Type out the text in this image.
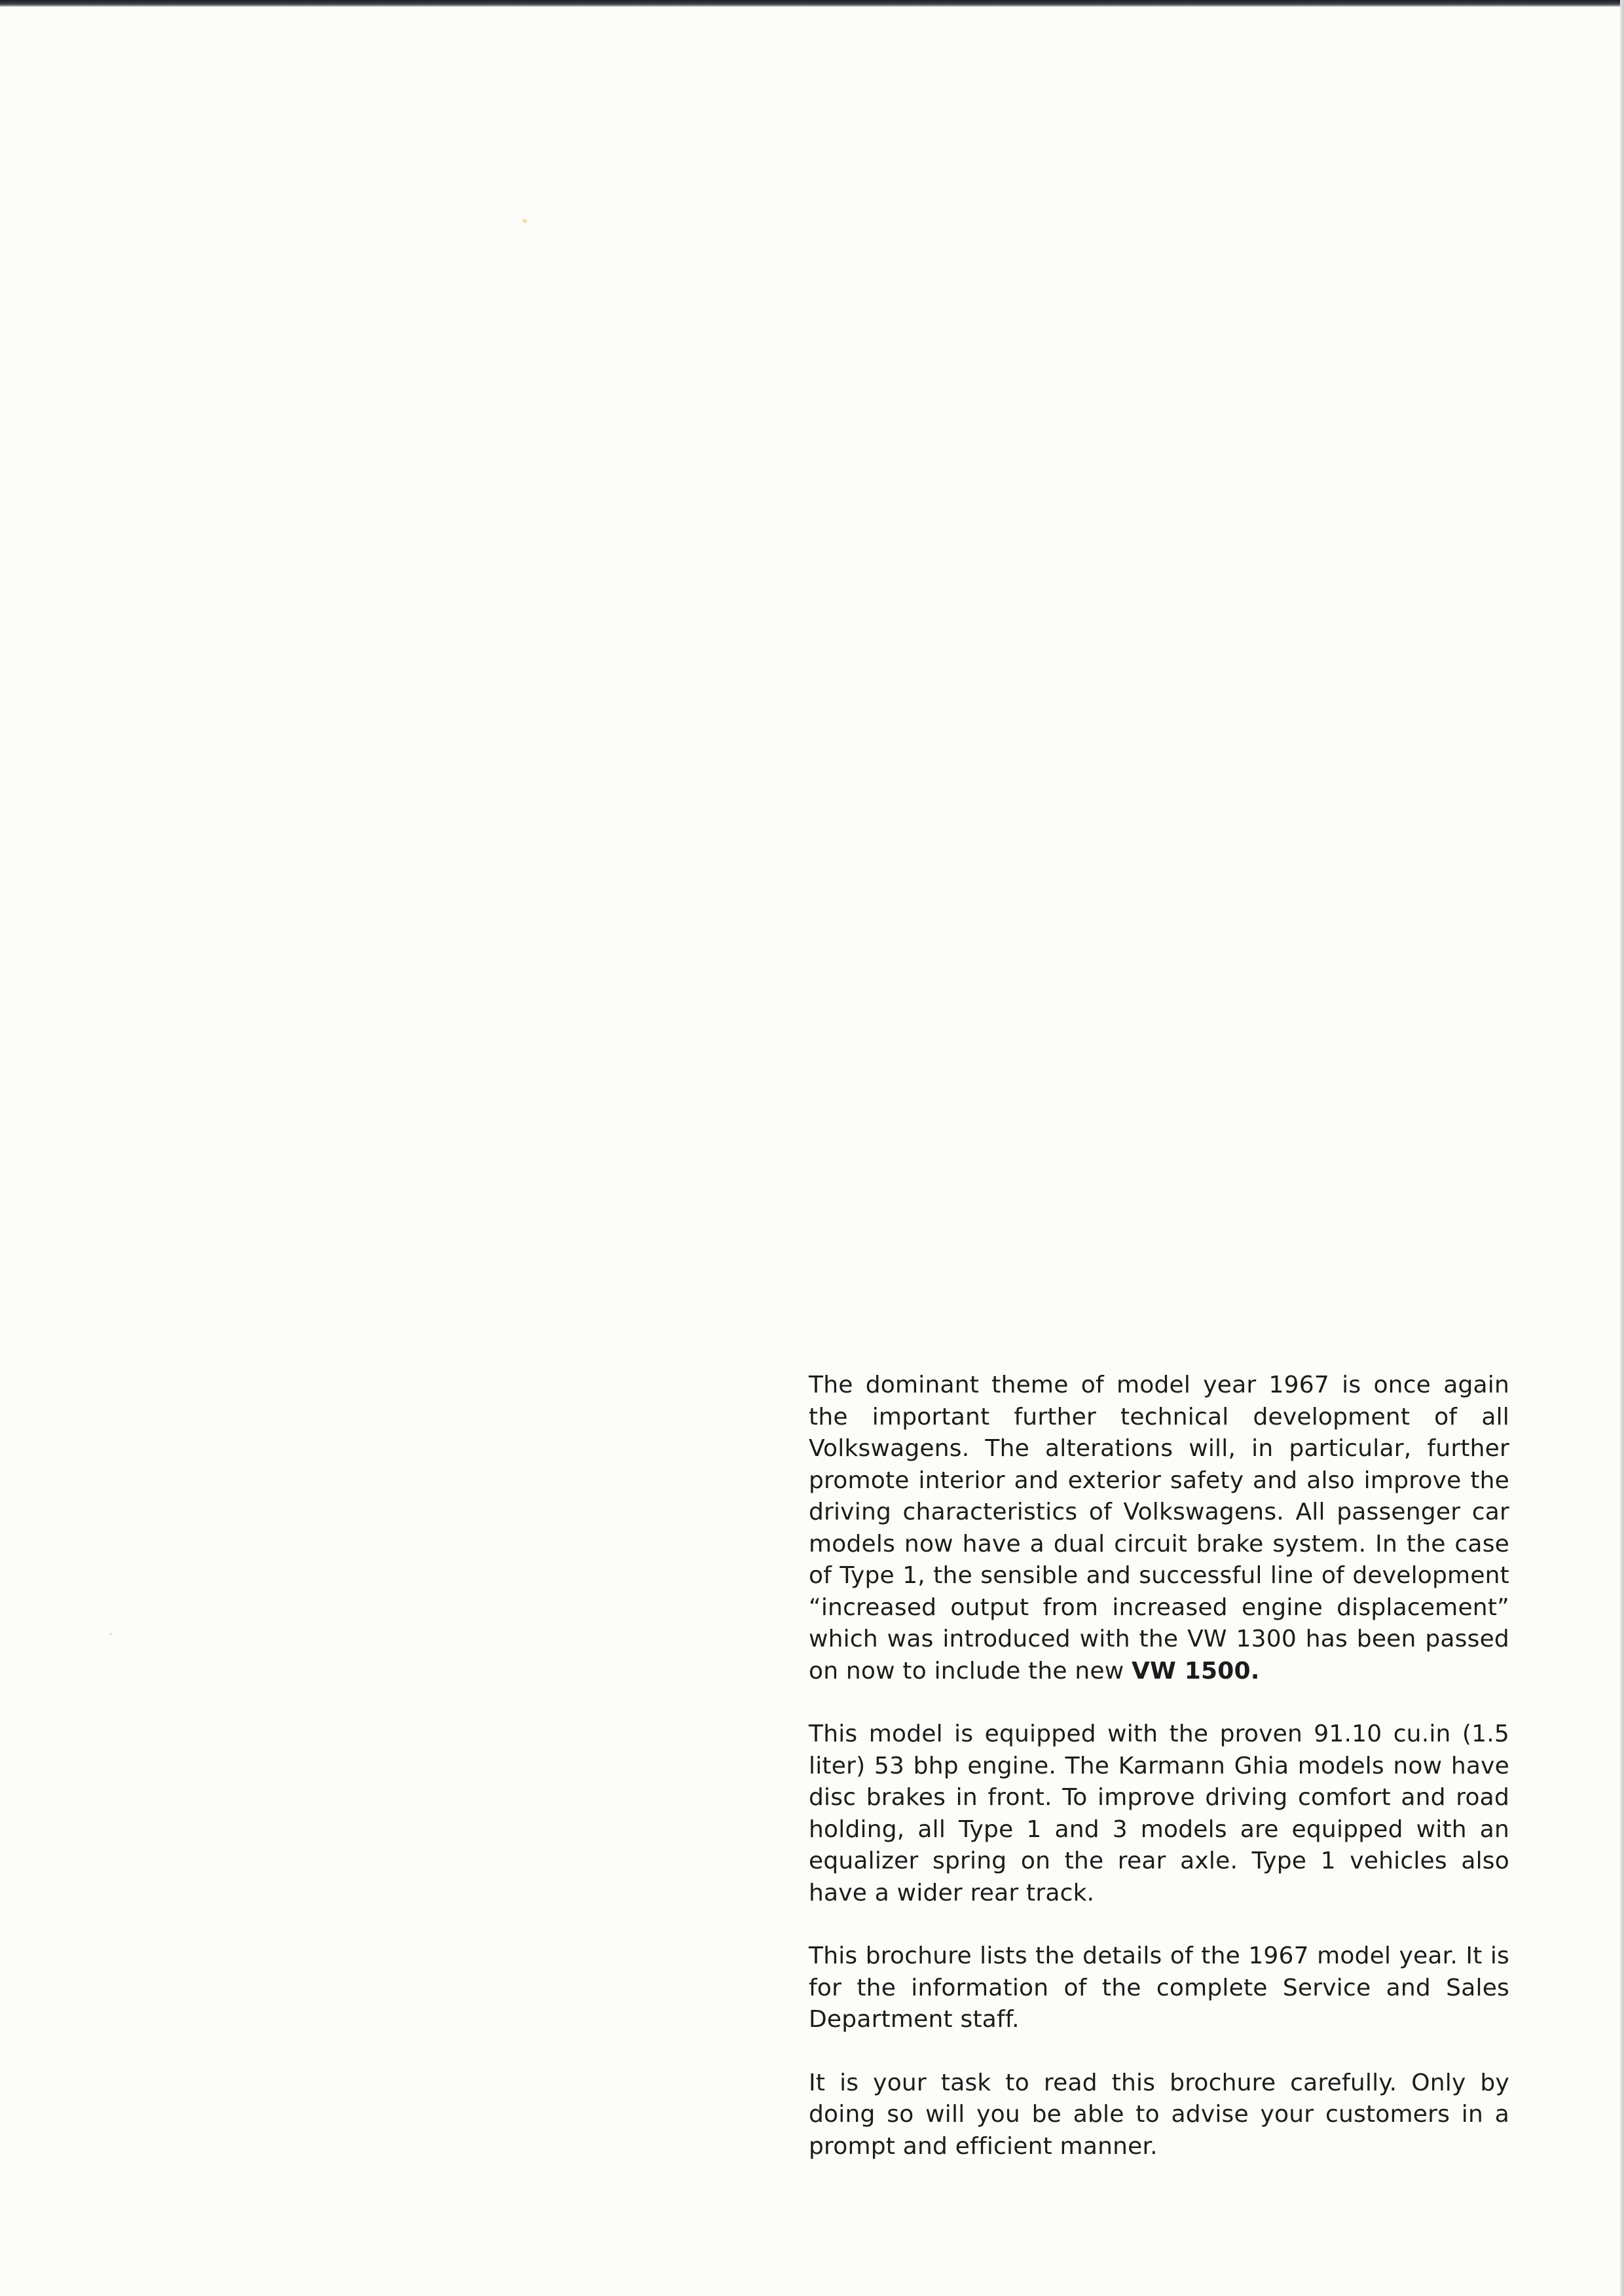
The dominant theme of model year 1967 is once again the important further technical development of all Volkswagens. The alterations will, in particular, further promote interior and exterior safety and also improve the driving characteristics of Volkswagens. All passenger car models now have a dual circuit brake system. In the case of Type 1, the sensible and successful line of development “increased output from increased engine displacement” which was introduced with the VW 1300 has been passed on now to include the new VW 1500.

This model is equipped with the proven 91.10 cu.in (1.5 liter) 53 bhp engine. The Karmann Ghia models now have disc brakes in front. To improve driving comfort and road holding, all Type 1 and 3 models are equipped with an equalizer spring on the rear axle. Type 1 vehicles also have a wider rear track.

This brochure lists the details of the 1967 model year. It is for the information of the complete Service and Sales Department staff.

It is your task to read this brochure carefully. Only by doing so will you be able to advise your customers in a prompt and efficient manner.
